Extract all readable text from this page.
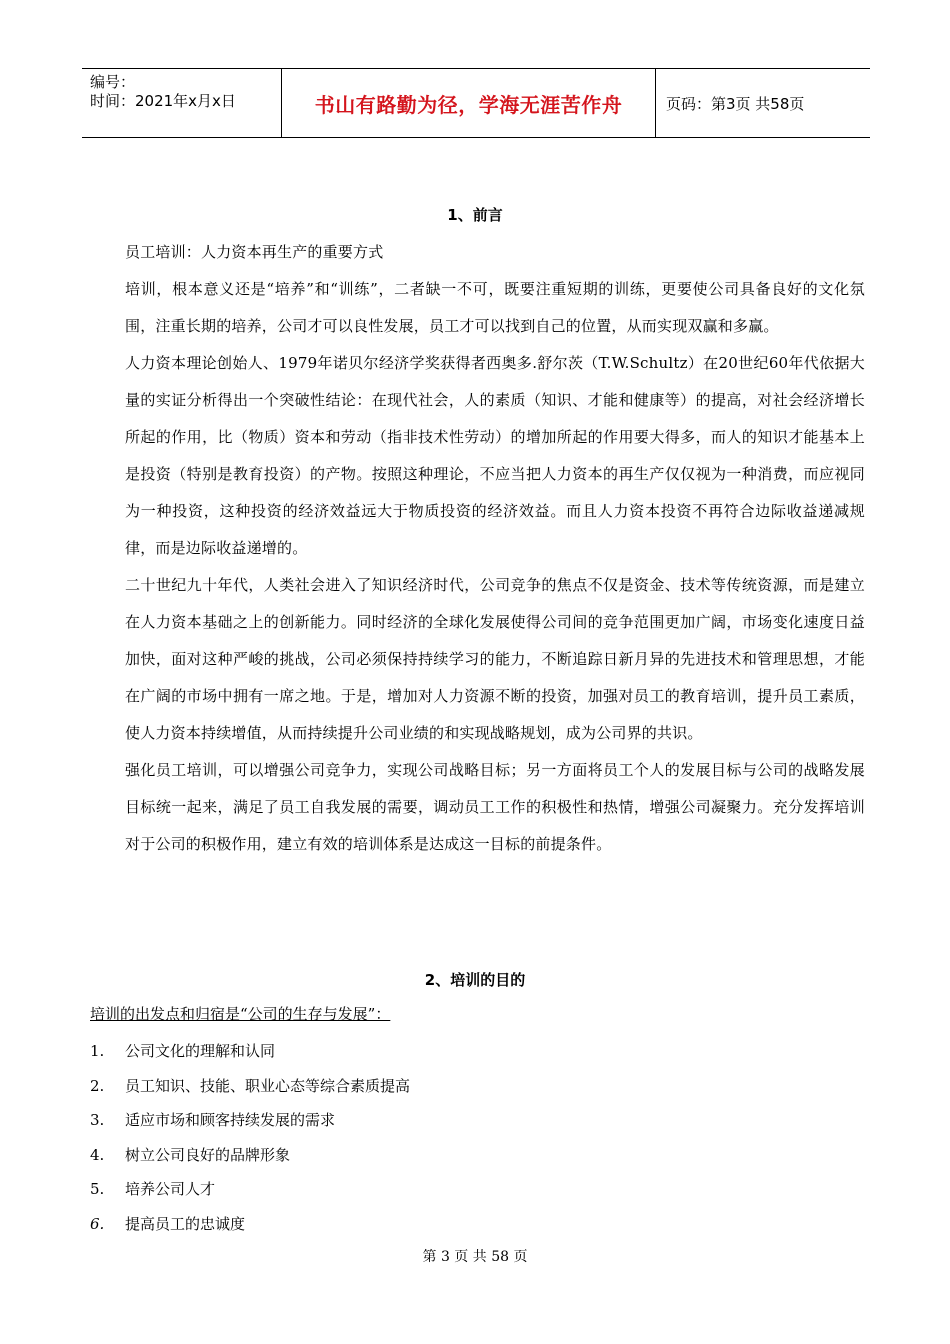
编号：
时间：2021年x月x日	书山有路勤为径，学海无涯苦作舟	页码：第3页 共58页
1、前言

员工培训：人力资本再生产的重要方式

培训，根本意义还是“培养”和“训练”，二者缺一不可，既要注重短期的训练，更要使公司具备良好的文化氛围，注重长期的培养，公司才可以良性发展，员工才可以找到自己的位置，从而实现双赢和多赢。

人力资本理论创始人、1979年诺贝尔经济学奖获得者西奥多.舒尔茨（T.W.Schultz）在20世纪60年代依据大量的实证分析得出一个突破性结论：在现代社会，人的素质（知识、才能和健康等）的提高，对社会经济增长所起的作用，比（物质）资本和劳动（指非技术性劳动）的增加所起的作用要大得多，而人的知识才能基本上是投资（特别是教育投资）的产物。按照这种理论，不应当把人力资本的再生产仅仅视为一种消费，而应视同为一种投资，这种投资的经济效益远大于物质投资的经济效益。而且人力资本投资不再符合边际收益递减规律，而是边际收益递增的。

二十世纪九十年代，人类社会进入了知识经济时代，公司竞争的焦点不仅是资金、技术等传统资源，而是建立在人力资本基础之上的创新能力。同时经济的全球化发展使得公司间的竞争范围更加广阔，市场变化速度日益加快，面对这种严峻的挑战，公司必须保持持续学习的能力，不断追踪日新月异的先进技术和管理思想，才能在广阔的市场中拥有一席之地。于是，增加对人力资源不断的投资，加强对员工的教育培训，提升员工素质，使人力资本持续增值，从而持续提升公司业绩的和实现战略规划，成为公司界的共识。

强化员工培训，可以增强公司竞争力，实现公司战略目标；另一方面将员工个人的发展目标与公司的战略发展目标统一起来，满足了员工自我发展的需要，调动员工工作的积极性和热情，增强公司凝聚力。充分发挥培训对于公司的积极作用，建立有效的培训体系是达成这一目标的前提条件。

2、培训的目的
培训的出发点和归宿是“公司的生存与发展”：
1.	公司文化的理解和认同
2.	员工知识、技能、职业心态等综合素质提高
3.	适应市场和顾客持续发展的需求
4.	树立公司良好的品牌形象
5.	培养公司人才
6.	提高员工的忠诚度
第 3 页 共 58 页
